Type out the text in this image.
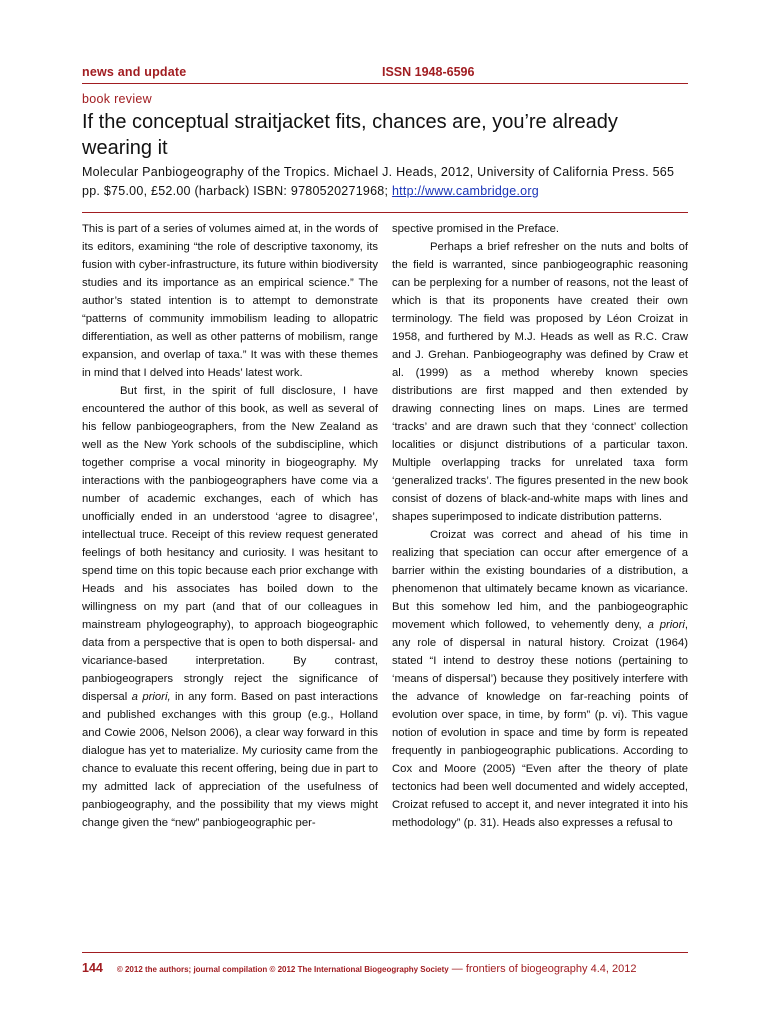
news and update	ISSN 1948-6596
book review
If the conceptual straitjacket fits, chances are, you’re already wearing it
Molecular Panbiogeography of the Tropics. Michael J. Heads, 2012, University of California Press. 565 pp. $75.00, £52.00 (harback) ISBN: 9780520271968; http://www.cambridge.org

This is part of a series of volumes aimed at, in the words of its editors, examining “the role of descriptive taxonomy, its fusion with cyber-infrastructure, its future within biodiversity studies and its importance as an empirical science.” The author’s stated intention is to attempt to demonstrate “patterns of community immobilism leading to allopatric differentiation, as well as other patterns of mobilism, range expansion, and overlap of taxa.” It was with these themes in mind that I delved into Heads’ latest work.

But first, in the spirit of full disclosure, I have encountered the author of this book, as well as several of his fellow panbiogeographers, from the New Zealand as well as the New York schools of the subdiscipline, which together comprise a vocal minority in biogeography. My interactions with the panbiogeographers have come via a number of academic exchanges, each of which has unofficially ended in an understood ‘agree to disagree’, intellectual truce. Receipt of this review request generated feelings of both hesitancy and curiosity. I was hesitant to spend time on this topic because each prior exchange with Heads and his associates has boiled down to the willingness on my part (and that of our colleagues in mainstream phylogeography), to approach biogeographic data from a perspective that is open to both dispersal- and vicariance-based interpretation. By contrast, panbiogeograpers strongly reject the significance of dispersal a priori, in any form. Based on past interactions and published exchanges with this group (e.g., Holland and Cowie 2006, Nelson 2006), a clear way forward in this dialogue has yet to materialize. My curiosity came from the chance to evaluate this recent offering, being due in part to my admitted lack of appreciation of the usefulness of panbiogeography, and the possibility that my views might change given the “new” panbiogeographic per-

spective promised in the Preface.

Perhaps a brief refresher on the nuts and bolts of the field is warranted, since panbiogeographic reasoning can be perplexing for a number of reasons, not the least of which is that its proponents have created their own terminology. The field was proposed by Léon Croizat in 1958, and furthered by M.J. Heads as well as R.C. Craw and J. Grehan. Panbiogeography was defined by Craw et al. (1999) as a method whereby known species distributions are first mapped and then extended by drawing connecting lines on maps. Lines are termed ‘tracks’ and are drawn such that they ‘connect’ collection localities or disjunct distributions of a particular taxon. Multiple overlapping tracks for unrelated taxa form ‘generalized tracks’. The figures presented in the new book consist of dozens of black-and-white maps with lines and shapes superimposed to indicate distribution patterns.

Croizat was correct and ahead of his time in realizing that speciation can occur after emergence of a barrier within the existing boundaries of a distribution, a phenomenon that ultimately became known as vicariance. But this somehow led him, and the panbiogeographic movement which followed, to vehemently deny, a priori, any role of dispersal in natural history. Croizat (1964) stated “I intend to destroy these notions (pertaining to ‘means of dispersal’) because they positively interfere with the advance of knowledge on far-reaching points of evolution over space, in time, by form” (p. vi). This vague notion of evolution in space and time by form is repeated frequently in panbiogeographic publications. According to Cox and Moore (2005) “Even after the theory of plate tectonics had been well documented and widely accepted, Croizat refused to accept it, and never integrated it into his methodology” (p. 31). Heads also expresses a refusal to

144 © 2012 the authors; journal compilation © 2012 The International Biogeography Society — frontiers of biogeography 4.4, 2012
